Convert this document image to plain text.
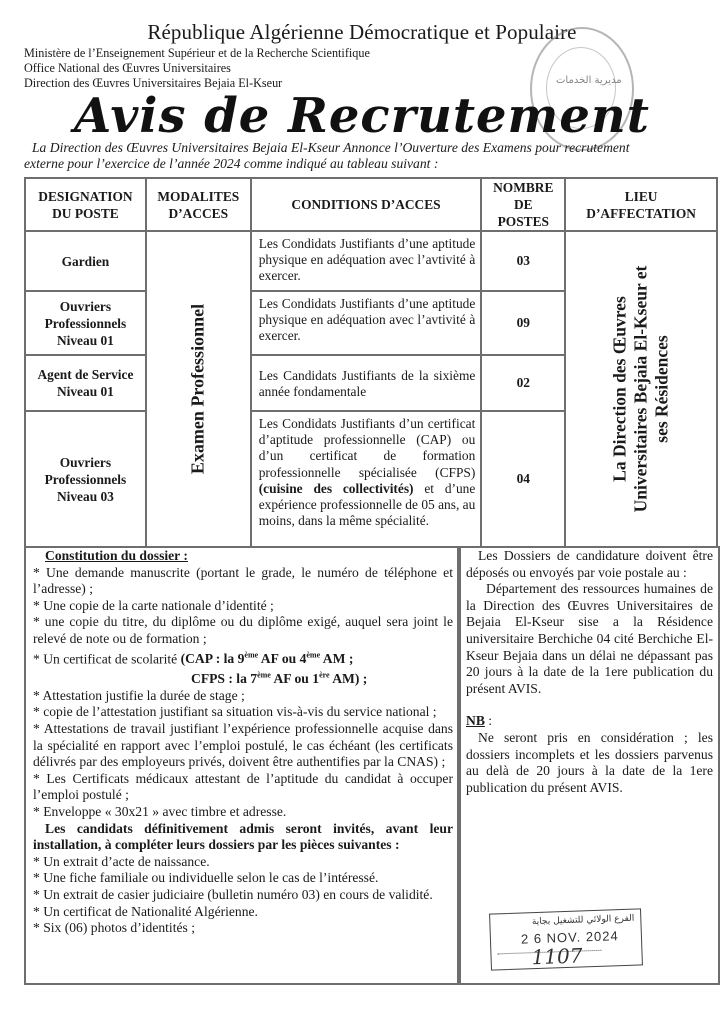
République Algérienne Démocratique et Populaire
Ministère de l’Enseignement Supérieur et de la Recherche Scientifique
Office National des Œuvres Universitaires
Direction des Œuvres Universitaires Bejaia El-Kseur	مديرية الخدمات
Avis de Recrutement
La Direction des Œuvres Universitaires Bejaia El-Kseur Annonce l’Ouverture des Examens pour recrutement
externe pour l’exercice de l’année 2024 comme indiqué au tableau suivant :
DESIGNATION DU POSTE	MODALITES D’ACCES	CONDITIONS D’ACCES	NOMBRE DE POSTES	LIEU D’AFFECTATION
Gardien	Examen Professionnel	Les Condidats Justifiants d’une aptitude physique en adéquation avec l’avtivité à exercer.	03	La Direction des Œuvres Universitaires Bejaia El-Kseur et ses Résidences

Ouvriers Professionnels Niveau 01		Les Condidats Justifiants d’une aptitude physique en adéquation avec l’avtivité à exercer.	09	
Agent de Service Niveau 01		Les Candidats Justifiants de la sixième année fondamentale	02	
Ouvriers Professionnels Niveau 03		Les Condidats Justifiants d’un certificat d’aptitude professionnelle (CAP) ou d’un certificat de formation professionnelle spécialisée (CFPS) (cuisine des collectivités) et d’une expérience professionnelle de 05 ans, au moins, dans la même spécialité.	04	

Constitution du dossier :

* Une demande manuscrite (portant le grade, le numéro de téléphone et l’adresse) ;

* Une copie de la carte nationale d’identité ;

* une copie du titre, du diplôme ou du diplôme exigé, auquel sera joint le relevé de note ou de formation ;

* Un certificat de scolarité (CAP : la 9ème AF ou 4ème AM ;

CFPS : la 7ème AF ou 1ère AM) ;

* Attestation justifie la durée de stage ;

* copie de l’attestation justifiant sa situation vis-à-vis du service national ;

* Attestations de travail justifiant l’expérience professionnelle acquise dans la spécialité en rapport avec l’emploi postulé, le cas échéant (les certificats délivrés par des employeurs privés, doivent être authentifies par la CNAS) ;

* Les Certificats médicaux attestant de l’aptitude du candidat à occuper l’emploi postulé ;

* Enveloppe « 30x21 » avec timbre et adresse.

Les candidats définitivement admis seront invités, avant leur installation, à compléter leurs dossiers par les pièces suivantes :

* Un extrait d’acte de naissance.

* Une fiche familiale ou individuelle selon le cas de l’intéressé.

* Un extrait de casier judiciaire (bulletin numéro 03) en cours de validité.

* Un certificat de Nationalité Algérienne.

* Six (06) photos d’identités ;

Les Dossiers de candidature doivent être déposés ou envoyés par voie postale au :

Département des ressources humaines de la Direction des Œuvres Universitaires de Bejaia El-Kseur sise a la Résidence universitaire Berchiche 04 cité Berchiche El-Kseur Bejaia dans un délai ne dépassant pas 20 jours à la date de la 1ere publication du présent AVIS.

NB :

Ne seront pris en considération ; les dossiers incomplets et les dossiers parvenus au delà de 20 jours à la date de la 1ere publication du présent AVIS.

الفرع الولائي للتشغيل بجاية
2 6 NOV. 2024
1107
